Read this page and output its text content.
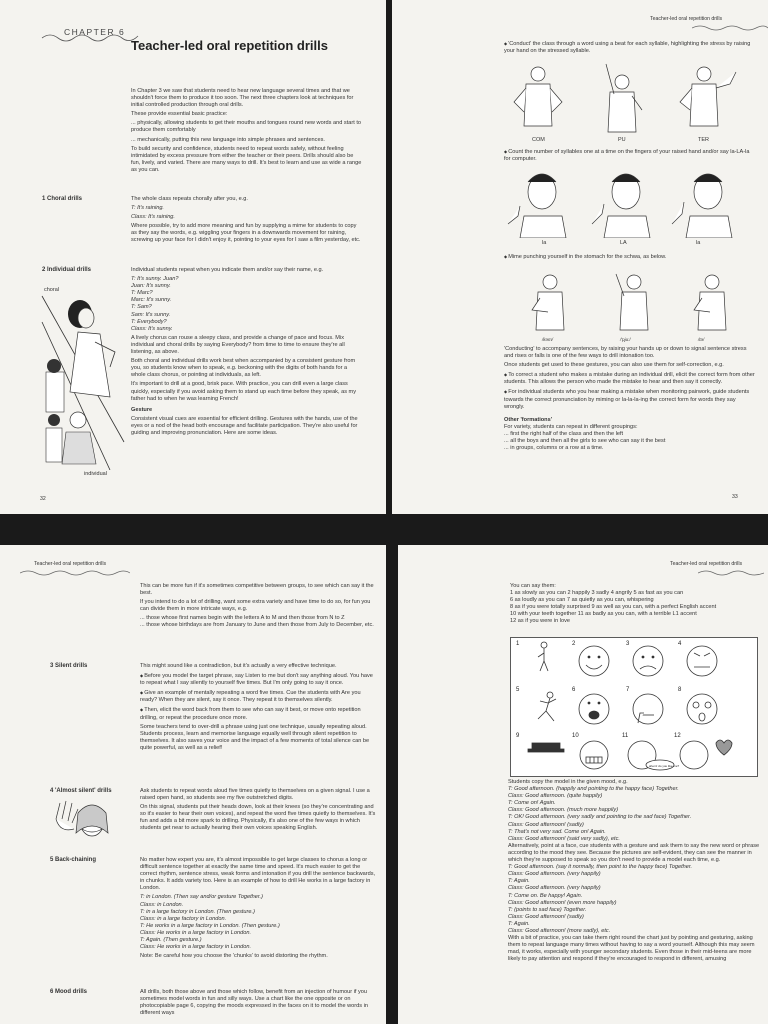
CHAPTER 6
Teacher-led oral repetition drills

In Chapter 3 we saw that students need to hear new language several times and that we shouldn't force them to produce it too soon. The next three chapters look at techniques for initial controlled production through oral drills.

These provide essential basic practice:

... physically, allowing students to get their mouths and tongues round new words and start to produce them comfortably

... mechanically, putting this new language into simple phrases and sentences.

To build security and confidence, students need to repeat words safely, without feeling intimidated by excess pressure from either the teacher or their peers. Drills should also be fun, lively, and varied. There are many ways to drill. It's best to learn and use as wide a range as you can.

1 Choral drills	The whole class repeats chorally after you, e.g.

T: It's raining.

Class: It's raining.

Where possible, try to add more meaning and fun by supplying a mime for students to copy as they say the words, e.g. wiggling your fingers in a downwards movement for raining, screwing up your face for I didn't enjoy it, pointing to your eyes for I saw a film yesterday, etc.

2 Individual drills	Individual students repeat when you indicate them and/or say their name, e.g.

T: It's sunny. Juan?

Juan: It's sunny.

T: Marc?

Marc: It's sunny.

T: Sam?

Sam: It's sunny.

T: Everybody?

Class: It's sunny.

A lively chorus can rouse a sleepy class, and provide a change of pace and focus. Mix individual and choral drills by saying Everybody? from time to time to ensure they're all listening, as above.

Both choral and individual drills work best when accompanied by a consistent gesture from you, so students know when to speak, e.g. beckoning with the digits of both hands for a whole class chorus, or pointing at individuals, as left.

It's important to drill at a good, brisk pace. With practice, you can drill even a large class quickly, especially if you avoid asking them to stand up each time before they speak, as my father had to when he was learning French!

Gesture

Consistent visual cues are essential for efficient drilling. Gestures with the hands, use of the eyes or a nod of the head both encourage and facilitate participation. They're also useful for guiding and improving pronunciation. Here are some ideas.

choral
individual
32
Teacher-led oral repetition drills

◆ 'Conduct' the class through a word using a beat for each syllable, highlighting the stress by raising your hand on the stressed syllable.

COM	PU	TER

◆ Count the number of syllables one at a time on the fingers of your raised hand and/or say la-LA-la for computer.

la	LA	la

◆ Mime punching yourself in the stomach for the schwa, as below.

/kəm/	/'pju:/	/tə/

'Conducting' to accompany sentences, by raising your hands up or down to signal sentence stress and rises or falls is one of the few ways to drill intonation too.

Once students get used to these gestures, you can also use them for self-correction, e.g.

◆ To correct a student who makes a mistake during an individual drill, elicit the correct form from other students. This allows the person who made the mistake to hear and then say it correctly.

◆ For individual students who you hear making a mistake when monitoring pairwork, guide students towards the correct pronunciation by miming or la-la-la-ing the correct form for words they say wrongly.

Other 'formations'

For variety, students can repeat in different groupings:

... first the right half of the class and then the left

... all the boys and then all the girls to see who can say it the best

... in groups, columns or a row at a time.

33
Teacher-led oral repetition drills

This can be more fun if it's sometimes competitive between groups, to see which can say it the best.

If you intend to do a lot of drilling, want some extra variety and have time to do so, for fun you can divide them in more intricate ways, e.g.

... those whose first names begin with the letters A to M and then those from N to Z

... those whose birthdays are from January to June and then those from July to December, etc.

3 Silent drills	This might sound like a contradiction, but it's actually a very effective technique.

◆ Before you model the target phrase, say Listen to me but don't say anything aloud. You have to repeat what I say silently to yourself five times. But I'm only going to say it once.

◆ Give an example of mentally repeating a word five times. Cue the students with Are you ready? When they are silent, say it once. They repeat it to themselves silently.

◆ Then, elicit the word back from them to see who can say it best, or move onto repetition drilling, or repeat the procedure once more.

Some teachers tend to over-drill a phrase using just one technique, usually repeating aloud. Students process, learn and memorise language equally well through silent repetition to themselves. It also saves your voice and the impact of a few moments of total silence can be quite powerful, as well as a relief!

4 'Almost silent' drills	Ask students to repeat words aloud five times quietly to themselves on a given signal. I use a raised open hand, so students see my five outstretched digits.

On this signal, students put their heads down, look at their knees (so they're concentrating and so it's easier to hear their own voices), and repeat the word five times quietly to themselves. It's fun and adds a bit more spark to drilling. Physically, it's also one of the few ways in which students get near to actually hearing their own voices speaking English.

5 Back-chaining	No matter how expert you are, it's almost impossible to get large classes to chorus a long or difficult sentence together at exactly the same time and speed. It's much easier to get the correct rhythm, sentence stress, weak forms and intonation if you drill the sentence backwards, in chunks. It adds variety too. Here is an example of how to drill He works in a large factory in London.

T: in London. (Then say and/or gesture Together.)

Class: in London.

T: in a large factory in London. (Then gesture.)

Class: in a large factory in London.

T: He works in a large factory in London. (Then gesture.)

Class: He works in a large factory in London.

T: Again. (Then gesture.)

Class: He works in a large factory in London.

Note: Be careful how you choose the 'chunks' to avoid distorting the rhythm.

6 Mood drills	All drills, both those above and those which follow, benefit from an injection of humour if you sometimes model words in fun and silly ways. Use a chart like the one opposite or on photocopiable page 6, copying the moods expressed in the faces on it to model the words in different ways

Teacher-led oral repetition drills

You can say them:

1 as slowly as you can 2 happily 3 sadly 4 angrily 5 as fast as you can

6 as loudly as you can 7 as quietly as you can, whispering

8 as if you were totally surprised 9 as well as you can, with a perfect English accent

10 with your teeth together 11 as badly as you can, with a terrible L1 accent

12 as if you were in love

1	2	3	4
5	6	7	8
9	10	11	12
ahem! do you like me?

Students copy the model in the given mood, e.g.

T: Good afternoon. (happily and pointing to the happy face) Together.

Class: Good afternoon. (quite happily)

T: Come on! Again.

Class: Good afternoon. (much more happily)

T: OK! Good afternoon. (very sadly and pointing to the sad face) Together.

Class: Good afternoon! (sadly)

T: That's not very sad. Come on! Again.

Class: Good afternoon! (said very sadly), etc.

Alternatively, point at a face, cue students with a gesture and ask them to say the new word or phrase according to the mood they see. Because the pictures are self-evident, they can see the manner in which they're supposed to speak so you don't need to provide a model each time, e.g.

T: Good afternoon. (say it normally, then point to the happy face) Together.

Class: Good afternoon. (very happily)

T: Again.

Class: Good afternoon. (very happily)

T: Come on. Be happy! Again.

Class: Good afternoon! (even more happily)

T: (points to sad face) Together.

Class: Good afternoon! (sadly)

T: Again.

Class: Good afternoon! (more sadly), etc.

With a bit of practice, you can take them right round the chart just by pointing and gesturing, asking them to repeat language many times without having to say a word yourself. Although this may seem mad, it works, especially with younger secondary students. Even those in their mid-teens are more likely to pay attention and respond if they're encouraged to respond in different, amusing
